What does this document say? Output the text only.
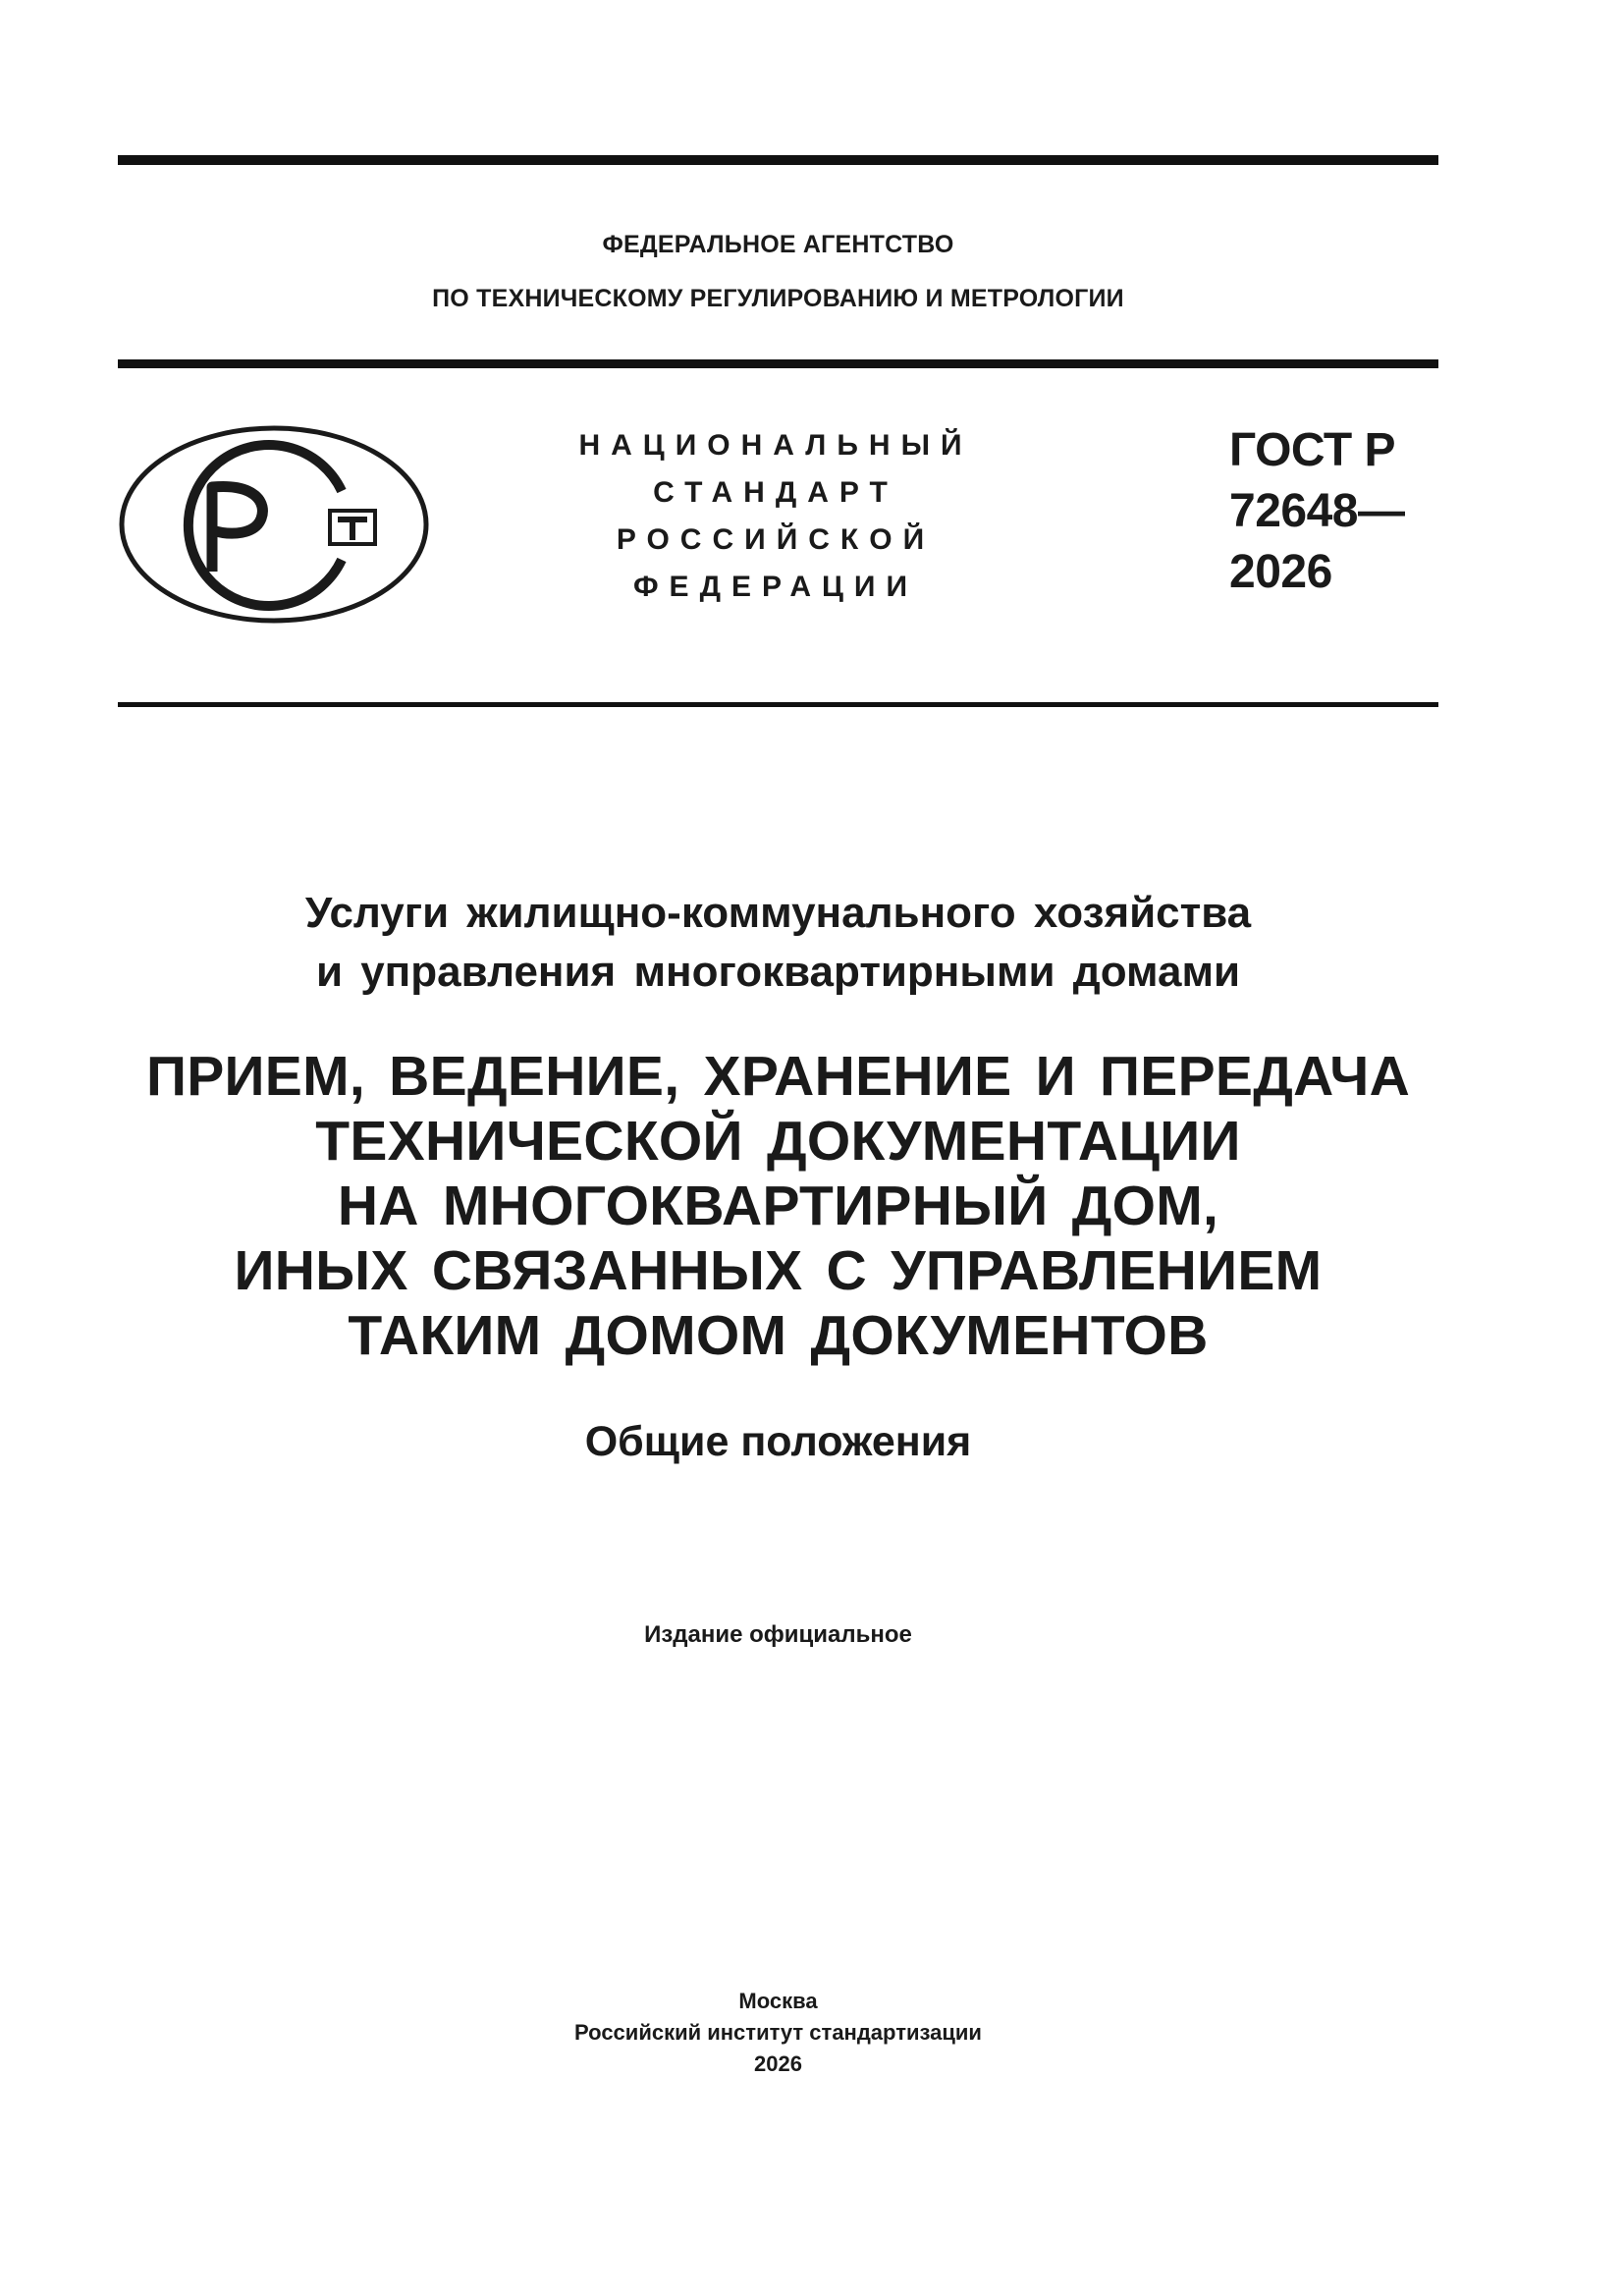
ФЕДЕРАЛЬНОЕ АГЕНТСТВО
ПО ТЕХНИЧЕСКОМУ РЕГУЛИРОВАНИЮ И МЕТРОЛОГИИ
НАЦИОНАЛЬНЫЙ
СТАНДАРТ
РОССИЙСКОЙ
ФЕДЕРАЦИИ
ГОСТ Р
72648—
2026
Услуги жилищно-коммунального хозяйства
и управления многоквартирными домами
ПРИЕМ, ВЕДЕНИЕ, ХРАНЕНИЕ И ПЕРЕДАЧА
ТЕХНИЧЕСКОЙ ДОКУМЕНТАЦИИ
НА МНОГОКВАРТИРНЫЙ ДОМ,
ИНЫХ СВЯЗАННЫХ С УПРАВЛЕНИЕМ
ТАКИМ ДОМОМ ДОКУМЕНТОВ
Общие положения
Издание официальное
Москва
Российский институт стандартизации
2026
